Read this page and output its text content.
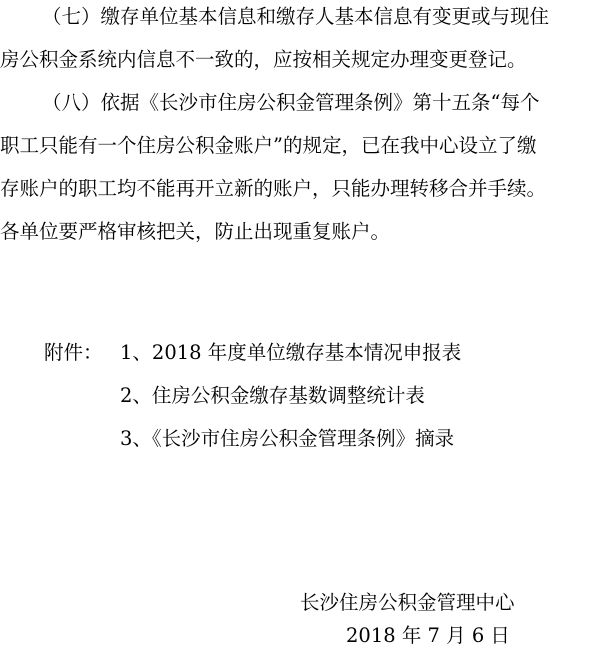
（七）缴存单位基本信息和缴存人基本信息有变更或与现住
房公积金系统内信息不一致的，应按相关规定办理变更登记。
（八）依据《长沙市住房公积金管理条例》第十五条“每个
职工只能有一个住房公积金账户”的规定，已在我中心设立了缴
存账户的职工均不能再开立新的账户，只能办理转移合并手续。
各单位要严格审核把关，防止出现重复账户。
附件： 1、2018 年度单位缴存基本情况申报表
2、住房公积金缴存基数调整统计表
3、《长沙市住房公积金管理条例》摘录
长沙住房公积金管理中心
2018 年 7 月 6 日
